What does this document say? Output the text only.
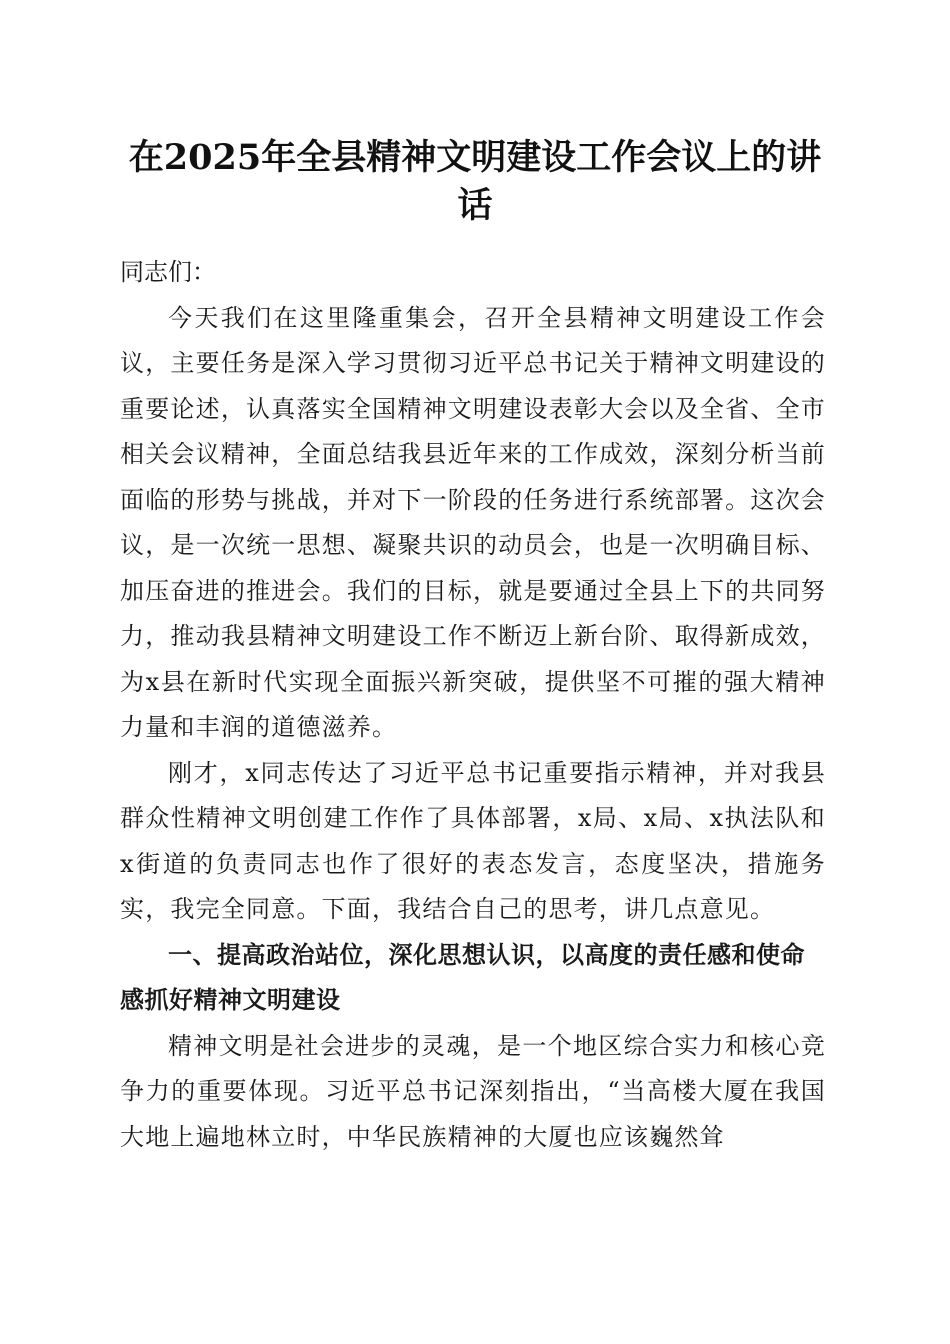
在2025年全县精神文明建设工作会议上的讲话

同志们：

今天我们在这里隆重集会，召开全县精神文明建设工作会议，主要任务是深入学习贯彻习近平总书记关于精神文明建设的重要论述，认真落实全国精神文明建设表彰大会以及全省、全市相关会议精神，全面总结我县近年来的工作成效，深刻分析当前面临的形势与挑战，并对下一阶段的任务进行系统部署。这次会议，是一次统一思想、凝聚共识的动员会，也是一次明确目标、加压奋进的推进会。我们的目标，就是要通过全县上下的共同努力，推动我县精神文明建设工作不断迈上新台阶、取得新成效，为x县在新时代实现全面振兴新突破，提供坚不可摧的强大精神力量和丰润的道德滋养。

刚才，x同志传达了习近平总书记重要指示精神，并对我县群众性精神文明创建工作作了具体部署，x局、x局、x执法队和x街道的负责同志也作了很好的表态发言，态度坚决，措施务实，我完全同意。下面，我结合自己的思考，讲几点意见。

一、提高政治站位，深化思想认识，以高度的责任感和使命感抓好精神文明建设

精神文明是社会进步的灵魂，是一个地区综合实力和核心竞争力的重要体现。习近平总书记深刻指出，“当高楼大厦在我国大地上遍地林立时，中华民族精神的大厦也应该巍然耸
